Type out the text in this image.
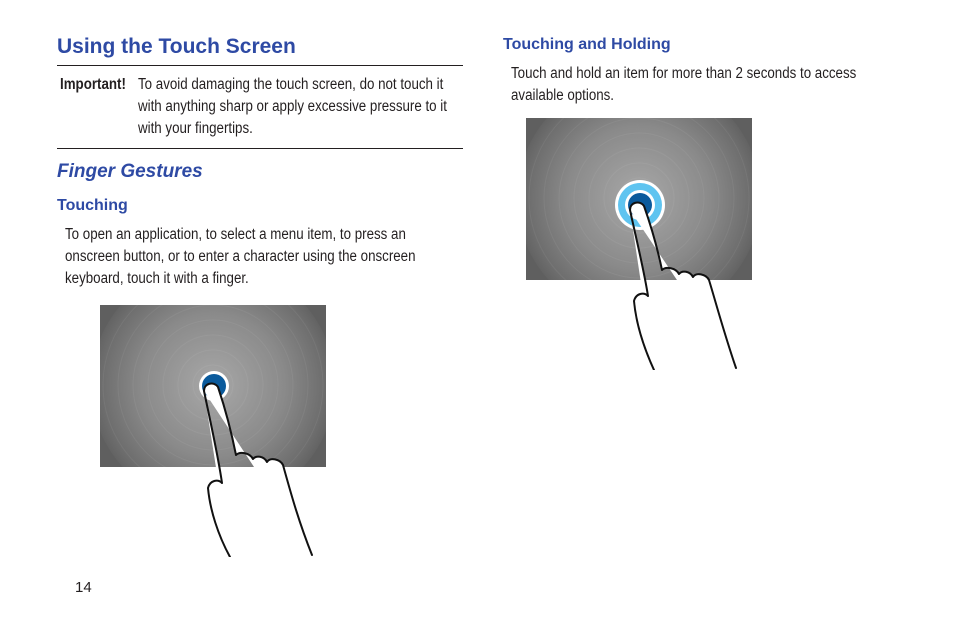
Using the Touch Screen
Important! To avoid damaging the touch screen, do not touch it with anything sharp or apply excessive pressure to it with your fingertips.
Finger Gestures
Touching

To open an application, to select a menu item, to press an onscreen button, or to enter a character using the onscreen keyboard, touch it with a finger.

Touching and Holding

Touch and hold an item for more than 2 seconds to access available options.

14
